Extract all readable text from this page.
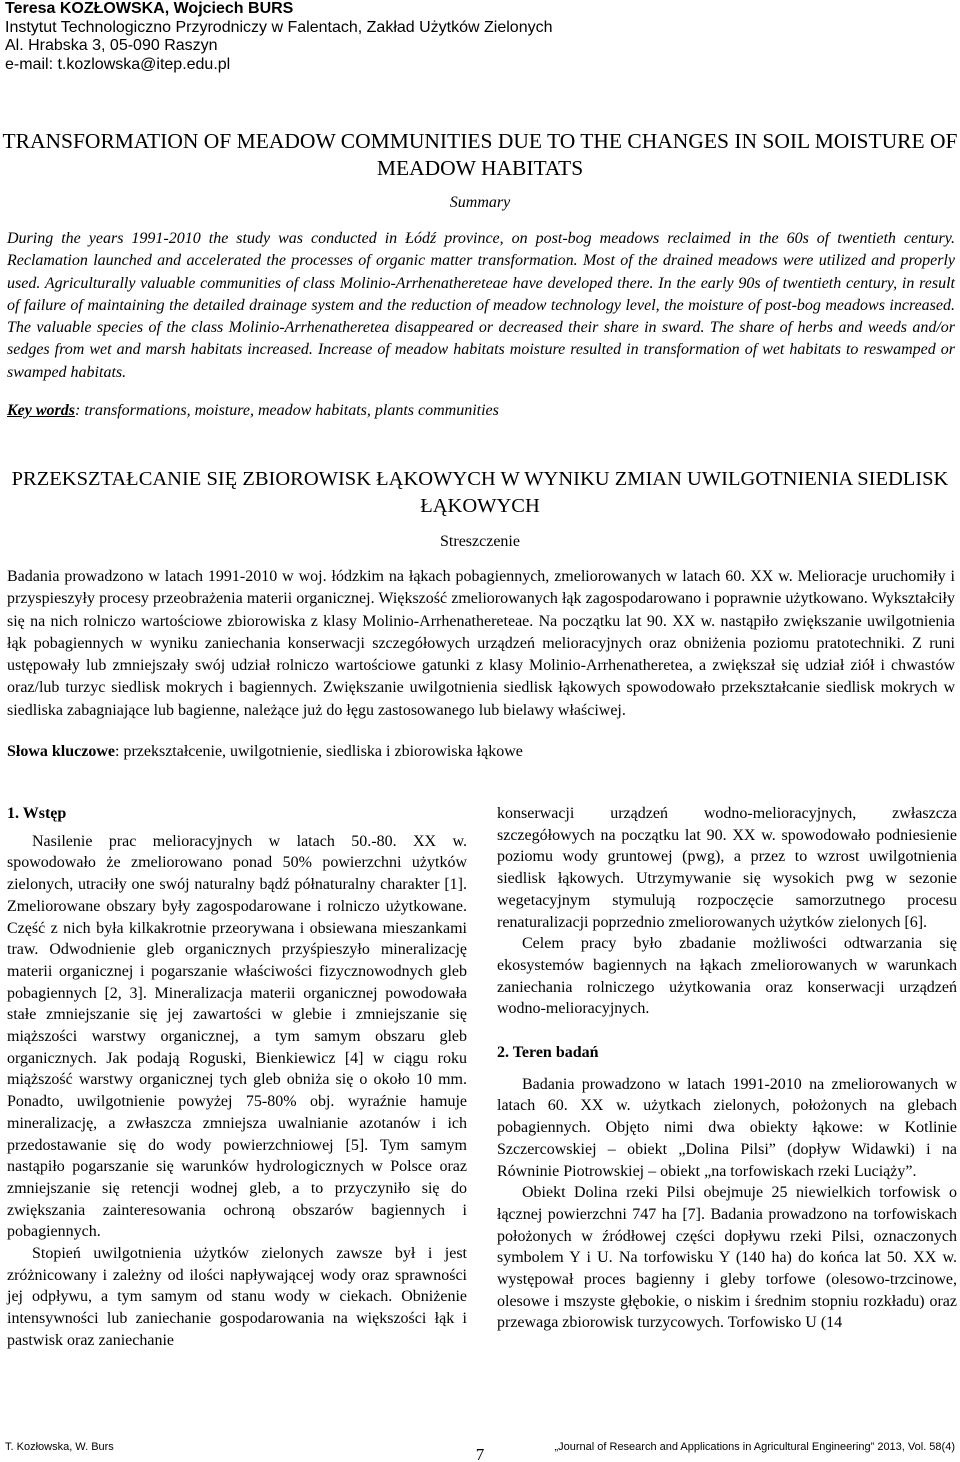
Teresa KOZŁOWSKA, Wojciech BURS
Instytut Technologiczno Przyrodniczy w Falentach, Zakład Użytków Zielonych
Al. Hrabska 3, 05-090 Raszyn
e-mail: t.kozlowska@itep.edu.pl
TRANSFORMATION OF MEADOW COMMUNITIES DUE TO THE CHANGES IN SOIL MOISTURE OF MEADOW HABITATS
Summary
During the years 1991-2010 the study was conducted in Łódź province, on post-bog meadows reclaimed in the 60s of twentieth century. Reclamation launched and accelerated the processes of organic matter transformation. Most of the drained meadows were utilized and properly used. Agriculturally valuable communities of class Molinio-Arrhenathereteae have developed there. In the early 90s of twentieth century, in result of failure of maintaining the detailed drainage system and the reduction of meadow technology level, the moisture of post-bog meadows increased. The valuable species of the class Molinio-Arrhenatheretea disappeared or decreased their share in sward. The share of herbs and weeds and/or sedges from wet and marsh habitats increased. Increase of meadow habitats moisture resulted in transformation of wet habitats to reswamped or swamped habitats.
Key words: transformations, moisture, meadow habitats, plants communities
PRZEKSZTAŁCANIE SIĘ ZBIOROWISK ŁĄKOWYCH W WYNIKU ZMIAN UWILGOTNIENIA SIEDLISK ŁĄKOWYCH
Streszczenie
Badania prowadzono w latach 1991-2010 w woj. łódzkim na łąkach pobagiennych, zmeliorowanych w latach 60. XX w. Melioracje uruchomiły i przyspieszyły procesy przeobrażenia materii organicznej. Większość zmeliorowanych łąk zagospodarowano i poprawnie użytkowano. Wykształciły się na nich rolniczo wartościowe zbiorowiska z klasy Molinio-Arrhenathereteae. Na początku lat 90. XX w. nastąpiło zwiększanie uwilgotnienia łąk pobagiennych w wyniku zaniechania konserwacji szczegółowych urządzeń melioracyjnych oraz obniżenia poziomu pratotechniki. Z runi ustępowały lub zmniejszały swój udział rolniczo wartościowe gatunki z klasy Molinio-Arrhenatheretea, a zwiększał się udział ziół i chwastów oraz/lub turzyc siedlisk mokrych i bagiennych. Zwiększanie uwilgotnienia siedlisk łąkowych spowodowało przekształcanie siedlisk mokrych w siedliska zabagniające lub bagienne, należące już do łęgu zastosowanego lub bielawy właściwej.
Słowa kluczowe: przekształcenie, uwilgotnienie, siedliska i zbiorowiska łąkowe
1. Wstęp

Nasilenie prac melioracyjnych w latach 50.-80. XX w. spowodowało że zmeliorowano ponad 50% powierzchni użytków zielonych, utraciły one swój naturalny bądź półnaturalny charakter [1]. Zmeliorowane obszary były zagospodarowane i rolniczo użytkowane. Część z nich była kilkakrotnie przeorywana i obsiewana mieszankami traw. Odwodnienie gleb organicznych przyśpieszyło mineralizację materii organicznej i pogarszanie właściwości fizycznowodnych gleb pobagiennych [2, 3]. Mineralizacja materii organicznej powodowała stałe zmniejszanie się jej zawartości w glebie i zmniejszanie się miąższości warstwy organicznej, a tym samym obszaru gleb organicznych. Jak podają Roguski, Bienkiewicz [4] w ciągu roku miąższość warstwy organicznej tych gleb obniża się o około 10 mm. Ponadto, uwilgotnienie powyżej 75-80% obj. wyraźnie hamuje mineralizację, a zwłaszcza zmniejsza uwalnianie azotanów i ich przedostawanie się do wody powierzchniowej [5]. Tym samym nastąpiło pogarszanie się warunków hydrologicznych w Polsce oraz zmniejszanie się retencji wodnej gleb, a to przyczyniło się do zwiększania zainteresowania ochroną obszarów bagiennych i pobagiennych.

Stopień uwilgotnienia użytków zielonych zawsze był i jest zróżnicowany i zależny od ilości napływającej wody oraz sprawności jej odpływu, a tym samym od stanu wody w ciekach. Obniżenie intensywności lub zaniechanie gospodarowania na większości łąk i pastwisk oraz zaniechanie

konserwacji urządzeń wodno-melioracyjnych, zwłaszcza szczegółowych na początku lat 90. XX w. spowodowało podniesienie poziomu wody gruntowej (pwg), a przez to wzrost uwilgotnienia siedlisk łąkowych. Utrzymywanie się wysokich pwg w sezonie wegetacyjnym stymulują rozpoczęcie samorzutnego procesu renaturalizacji poprzednio zmeliorowanych użytków zielonych [6].

Celem pracy było zbadanie możliwości odtwarzania się ekosystemów bagiennych na łąkach zmeliorowanych w warunkach zaniechania rolniczego użytkowania oraz konserwacji urządzeń wodno-melioracyjnych.

2. Teren badań

Badania prowadzono w latach 1991-2010 na zmeliorowanych w latach 60. XX w. użytkach zielonych, położonych na glebach pobagiennych. Objęto nimi dwa obiekty łąkowe: w Kotlinie Szczercowskiej – obiekt „Dolina Pilsi” (dopływ Widawki) i na Równinie Piotrowskiej – obiekt „na torfowiskach rzeki Luciąży”.

Obiekt Dolina rzeki Pilsi obejmuje 25 niewielkich torfowisk o łącznej powierzchni 747 ha [7]. Badania prowadzono na torfowiskach położonych w źródłowej części dopływu rzeki Pilsi, oznaczonych symbolem Y i U. Na torfowisku Y (140 ha) do końca lat 50. XX w. występował proces bagienny i gleby torfowe (olesowo-trzcinowe, olesowe i mszyste głębokie, o niskim i średnim stopniu rozkładu) oraz przewaga zbiorowisk turzycowych. Torfowisko U (14

T. Kozłowska, W. Burs	7	„Journal of Research and Applications in Agricultural Engineering” 2013, Vol. 58(4)
